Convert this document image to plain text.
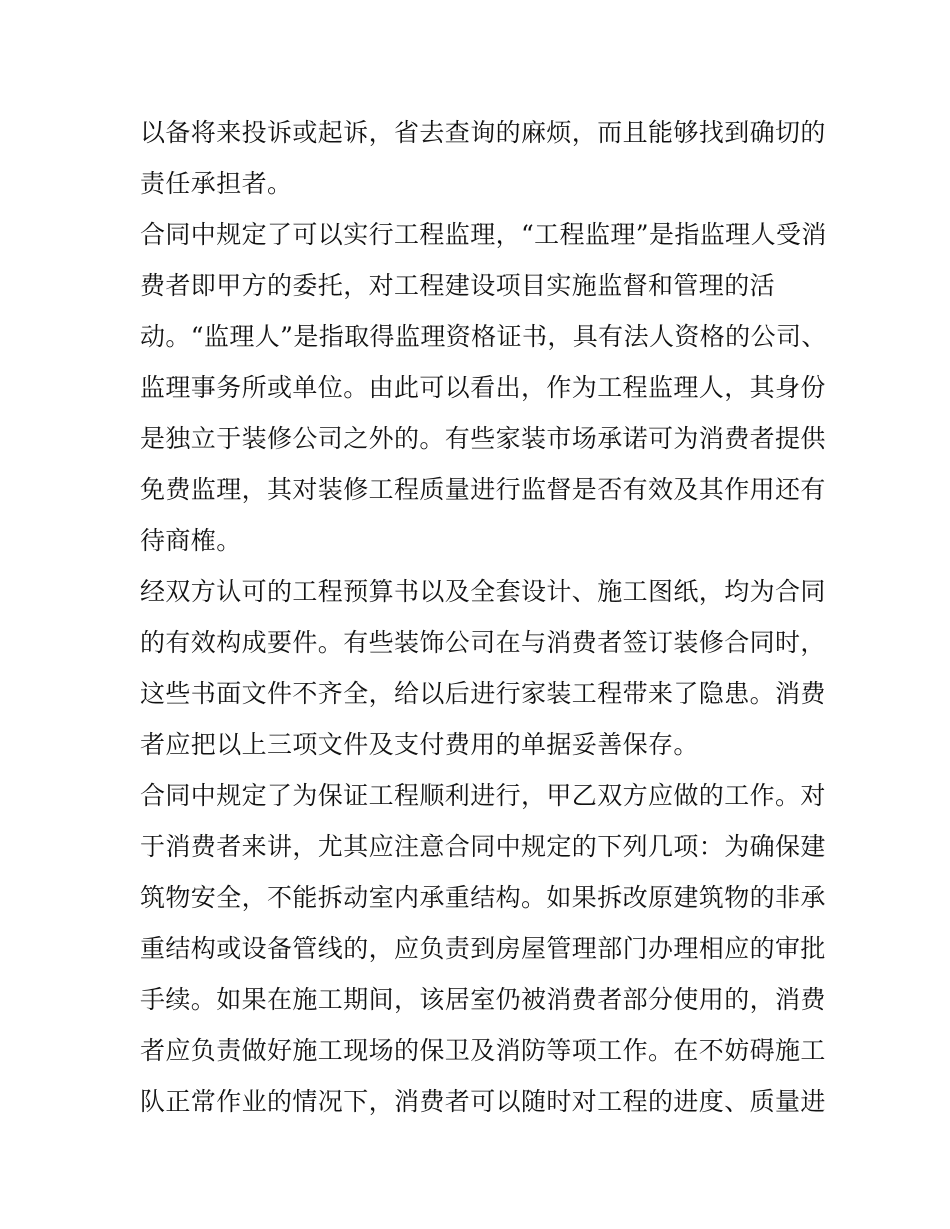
以备将来投诉或起诉，省去查询的麻烦，而且能够找到确切的
责任承担者。
合同中规定了可以实行工程监理，“工程监理”是指监理人受消
费者即甲方的委托，对工程建设项目实施监督和管理的活
动。“监理人”是指取得监理资格证书，具有法人资格的公司、
监理事务所或单位。由此可以看出，作为工程监理人，其身份
是独立于装修公司之外的。有些家装市场承诺可为消费者提供
免费监理，其对装修工程质量进行监督是否有效及其作用还有
待商榷。
经双方认可的工程预算书以及全套设计、施工图纸，均为合同
的有效构成要件。有些装饰公司在与消费者签订装修合同时，
这些书面文件不齐全，给以后进行家装工程带来了隐患。消费
者应把以上三项文件及支付费用的单据妥善保存。
合同中规定了为保证工程顺利进行，甲乙双方应做的工作。对
于消费者来讲，尤其应注意合同中规定的下列几项：为确保建
筑物安全，不能拆动室内承重结构。如果拆改原建筑物的非承
重结构或设备管线的，应负责到房屋管理部门办理相应的审批
手续。如果在施工期间，该居室仍被消费者部分使用的，消费
者应负责做好施工现场的保卫及消防等项工作。在不妨碍施工
队正常作业的情况下，消费者可以随时对工程的进度、质量进
